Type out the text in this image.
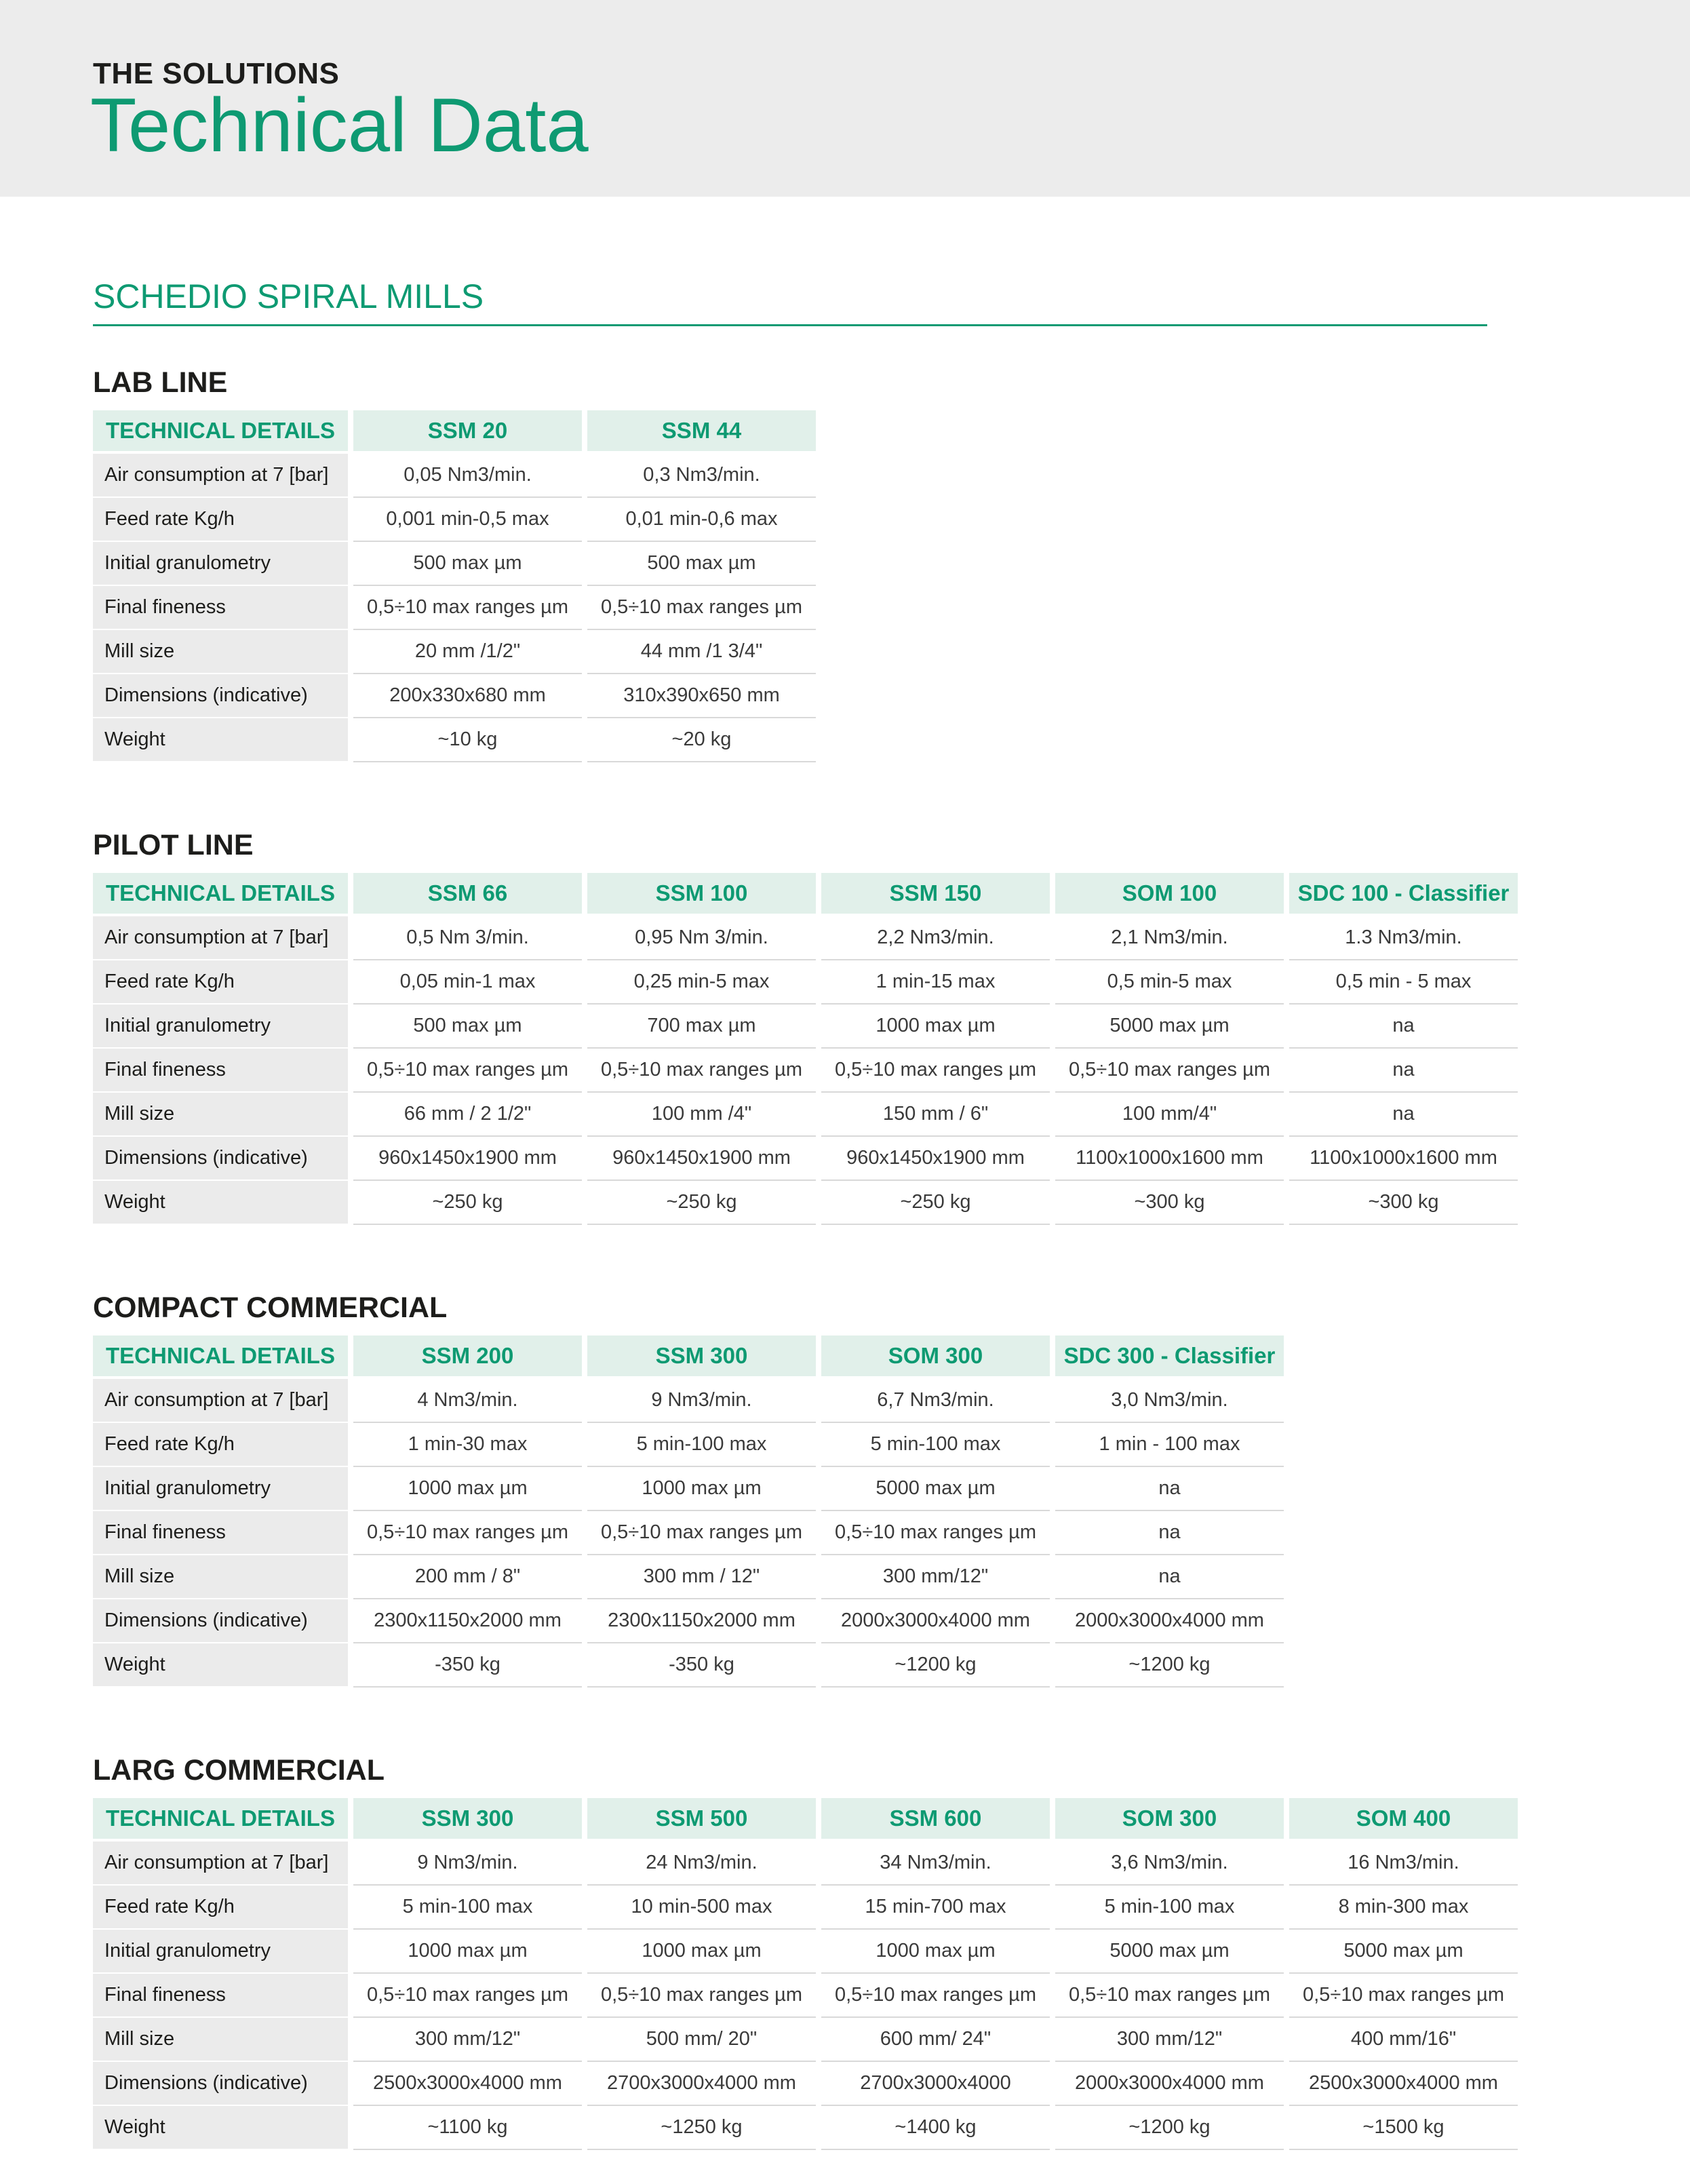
THE SOLUTIONS
Technical Data
SCHEDIO SPIRAL MILLS
LAB LINE
TECHNICAL DETAILS	SSM 20	SSM 44
Air consumption at 7 [bar]	0,05 Nm3/min.	0,3 Nm3/min.
Feed rate Kg/h	0,001 min-0,5 max	0,01 min-0,6 max
Initial granulometry	500 max µm	500 max µm
Final fineness	0,5÷10 max ranges µm	0,5÷10 max ranges µm
Mill size	20 mm /1/2"	44 mm /1 3/4"
Dimensions (indicative)	200x330x680 mm	310x390x650 mm
Weight	~10 kg	~20 kg
PILOT LINE
TECHNICAL DETAILS	SSM 66	SSM 100	SSM 150	SOM 100	SDC 100 - Classifier
Air consumption at 7 [bar]	0,5 Nm 3/min.	0,95 Nm 3/min.	2,2 Nm3/min.	2,1 Nm3/min.	1.3 Nm3/min.
Feed rate Kg/h	0,05 min-1 max	0,25 min-5 max	1 min-15 max	0,5 min-5 max	0,5 min - 5 max
Initial granulometry	500 max µm	700 max µm	1000 max µm	5000 max µm	na
Final fineness	0,5÷10 max ranges µm	0,5÷10 max ranges µm	0,5÷10 max ranges µm	0,5÷10 max ranges µm	na
Mill size	66 mm / 2 1/2"	100 mm /4"	150 mm / 6"	100 mm/4"	na
Dimensions (indicative)	960x1450x1900 mm	960x1450x1900 mm	960x1450x1900 mm	1100x1000x1600 mm	1100x1000x1600 mm
Weight	~250 kg	~250 kg	~250 kg	~300 kg	~300 kg
COMPACT COMMERCIAL
TECHNICAL DETAILS	SSM 200	SSM 300	SOM 300	SDC 300 - Classifier
Air consumption at 7 [bar]	4 Nm3/min.	9 Nm3/min.	6,7 Nm3/min.	3,0 Nm3/min.
Feed rate Kg/h	1 min-30 max	5 min-100 max	5 min-100 max	1 min - 100 max
Initial granulometry	1000 max µm	1000 max µm	5000 max µm	na
Final fineness	0,5÷10 max ranges µm	0,5÷10 max ranges µm	0,5÷10 max ranges µm	na
Mill size	200 mm / 8"	300 mm / 12"	300 mm/12"	na
Dimensions (indicative)	2300x1150x2000 mm	2300x1150x2000 mm	2000x3000x4000 mm	2000x3000x4000 mm
Weight	-350 kg	-350 kg	~1200 kg	~1200 kg
LARG COMMERCIAL
TECHNICAL DETAILS	SSM 300	SSM 500	SSM 600	SOM 300	SOM 400
Air consumption at 7 [bar]	9 Nm3/min.	24 Nm3/min.	34 Nm3/min.	3,6 Nm3/min.	16 Nm3/min.
Feed rate Kg/h	5 min-100 max	10 min-500 max	15 min-700 max	5 min-100 max	8 min-300 max
Initial granulometry	1000 max µm	1000 max µm	1000 max µm	5000 max µm	5000 max µm
Final fineness	0,5÷10 max ranges µm	0,5÷10 max ranges µm	0,5÷10 max ranges µm	0,5÷10 max ranges µm	0,5÷10 max ranges µm
Mill size	300 mm/12"	500 mm/ 20"	600 mm/ 24"	300 mm/12"	400 mm/16"
Dimensions (indicative)	2500x3000x4000 mm	2700x3000x4000 mm	2700x3000x4000	2000x3000x4000 mm	2500x3000x4000 mm
Weight	~1100 kg	~1250 kg	~1400 kg	~1200 kg	~1500 kg
